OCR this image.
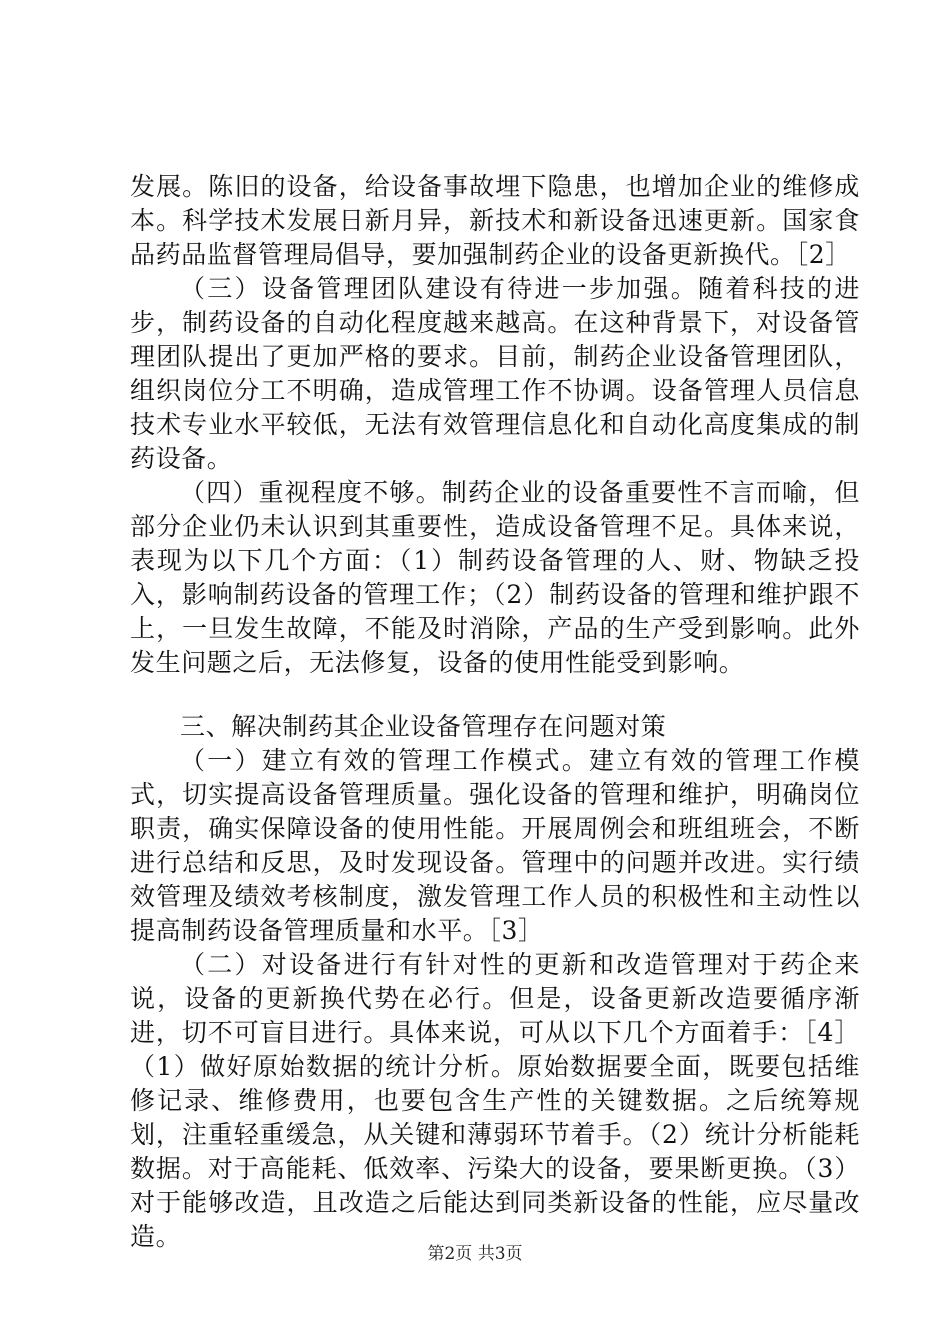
发展。陈旧的设备，给设备事故埋下隐患，也增加企业的维修成本。科学技术发展日新月异，新技术和新设备迅速更新。国家食品药品监督管理局倡导，要加强制药企业的设备更新换代。［2］

（三）设备管理团队建设有待进一步加强。随着科技的进步，制药设备的自动化程度越来越高。在这种背景下，对设备管理团队提出了更加严格的要求。目前，制药企业设备管理团队，组织岗位分工不明确，造成管理工作不协调。设备管理人员信息技术专业水平较低，无法有效管理信息化和自动化高度集成的制药设备。

（四）重视程度不够。制药企业的设备重要性不言而喻，但部分企业仍未认识到其重要性，造成设备管理不足。具体来说，表现为以下几个方面：（1）制药设备管理的人、财、物缺乏投入，影响制药设备的管理工作；（2）制药设备的管理和维护跟不上，一旦发生故障，不能及时消除，产品的生产受到影响。此外发生问题之后，无法修复，设备的使用性能受到影响。

三、解决制药其企业设备管理存在问题对策

（一）建立有效的管理工作模式。建立有效的管理工作模式，切实提高设备管理质量。强化设备的管理和维护，明确岗位职责，确实保障设备的使用性能。开展周例会和班组班会，不断进行总结和反思，及时发现设备。管理中的问题并改进。实行绩效管理及绩效考核制度，激发管理工作人员的积极性和主动性以提高制药设备管理质量和水平。［3］

（二）对设备进行有针对性的更新和改造管理对于药企来说，设备的更新换代势在必行。但是，设备更新改造要循序渐进，切不可盲目进行。具体来说，可从以下几个方面着手：［4］（1）做好原始数据的统计分析。原始数据要全面，既要包括维修记录、维修费用，也要包含生产性的关键数据。之后统筹规划，注重轻重缓急，从关键和薄弱环节着手。（2）统计分析能耗数据。对于高能耗、低效率、污染大的设备，要果断更换。（3）对于能够改造，且改造之后能达到同类新设备的性能，应尽量改造。

第2页 共3页
